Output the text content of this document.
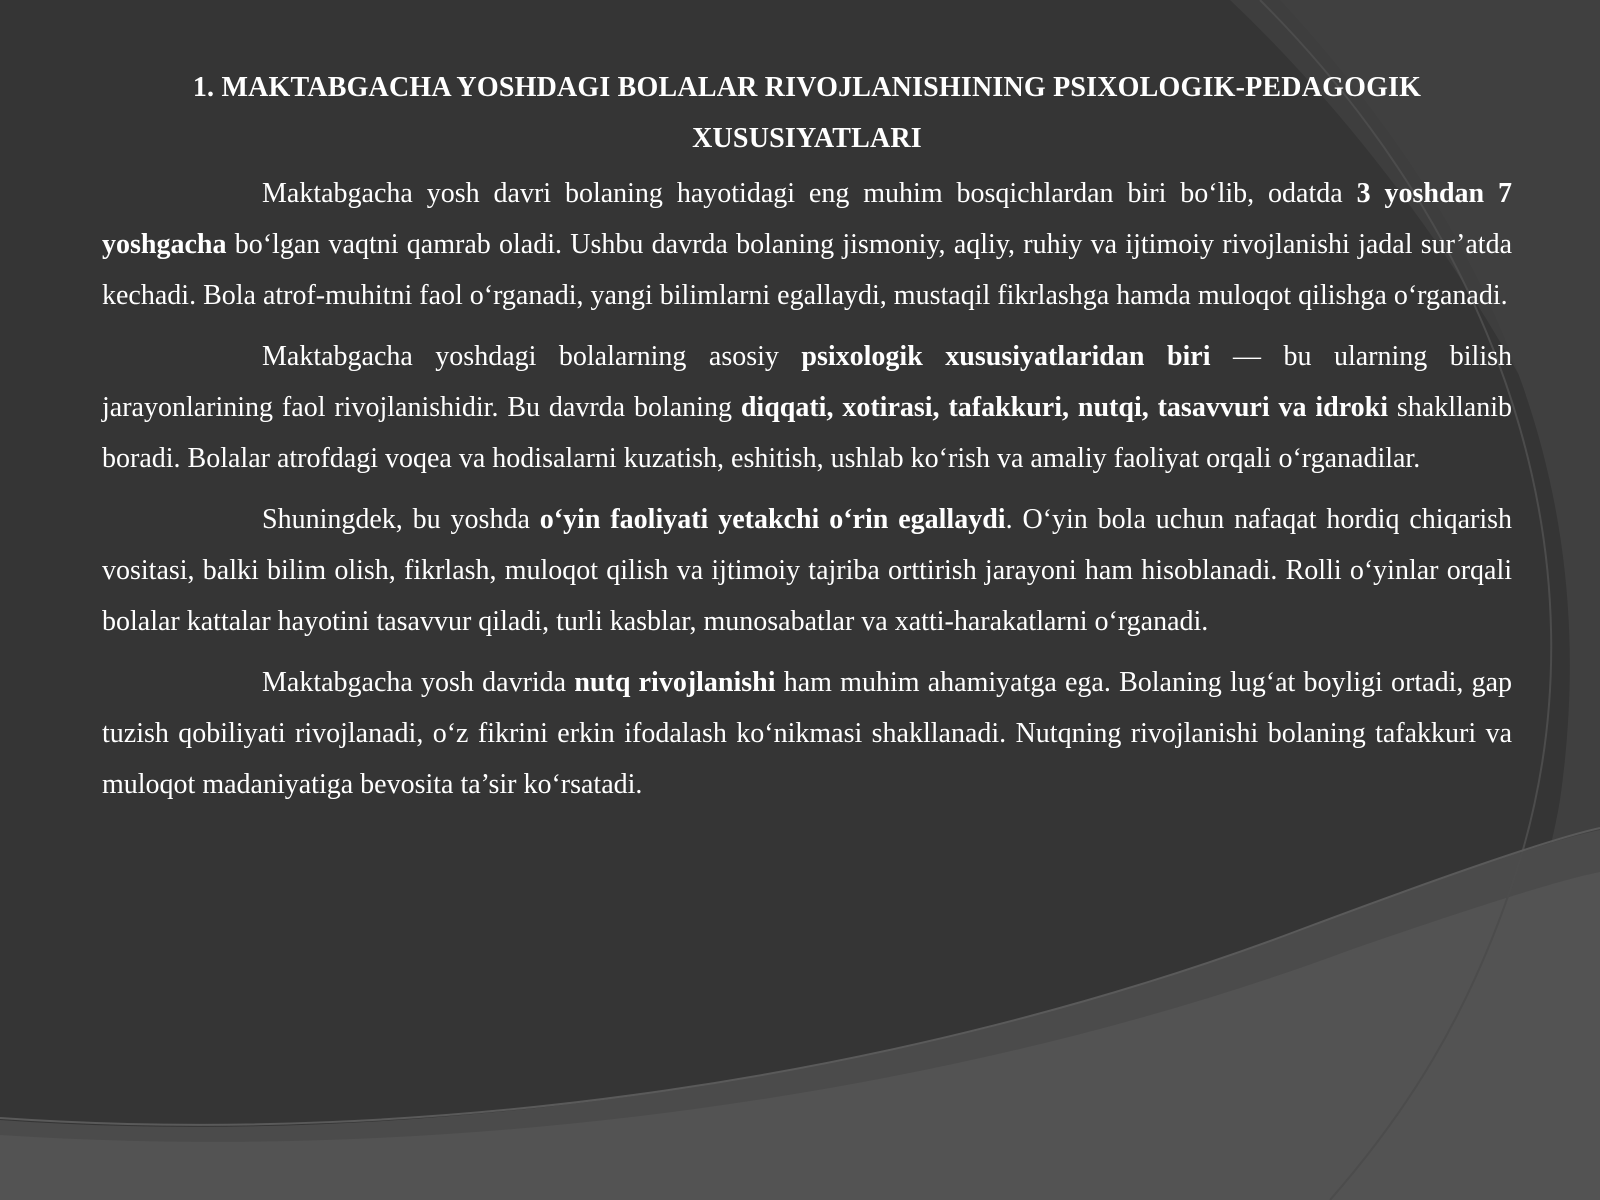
1. MAKTABGACHA YOSHDAGI BOLALAR RIVOJLANISHINING PSIXOLOGIK-PEDAGOGIK
XUSUSIYATLARI

Maktabgacha yosh davri bolaning hayotidagi eng muhim bosqichlardan biri bo‘lib, odatda 3 yoshdan 7 yoshgacha bo‘lgan vaqtni qamrab oladi. Ushbu davrda bolaning jismoniy, aqliy, ruhiy va ijtimoiy rivojlanishi jadal sur’atda kechadi. Bola atrof-muhitni faol o‘rganadi, yangi bilimlarni egallaydi, mustaqil fikrlashga hamda muloqot qilishga o‘rganadi.

Maktabgacha yoshdagi bolalarning asosiy psixologik xususiyatlaridan biri — bu ularning bilish jarayonlarining faol rivojlanishidir. Bu davrda bolaning diqqati, xotirasi, tafakkuri, nutqi, tasavvuri va idroki shakllanib boradi. Bolalar atrofdagi voqea va hodisalarni kuzatish, eshitish, ushlab ko‘rish va amaliy faoliyat orqali o‘rganadilar.

Shuningdek, bu yoshda o‘yin faoliyati yetakchi o‘rin egallaydi. O‘yin bola uchun nafaqat hordiq chiqarish vositasi, balki bilim olish, fikrlash, muloqot qilish va ijtimoiy tajriba orttirish jarayoni ham hisoblanadi. Rolli o‘yinlar orqali bolalar kattalar hayotini tasavvur qiladi, turli kasblar, munosabatlar va xatti-harakatlarni o‘rganadi.

Maktabgacha yosh davrida nutq rivojlanishi ham muhim ahamiyatga ega. Bolaning lug‘at boyligi ortadi, gap tuzish qobiliyati rivojlanadi, o‘z fikrini erkin ifodalash ko‘nikmasi shakllanadi. Nutqning rivojlanishi bolaning tafakkuri va muloqot madaniyatiga bevosita ta’sir ko‘rsatadi.
